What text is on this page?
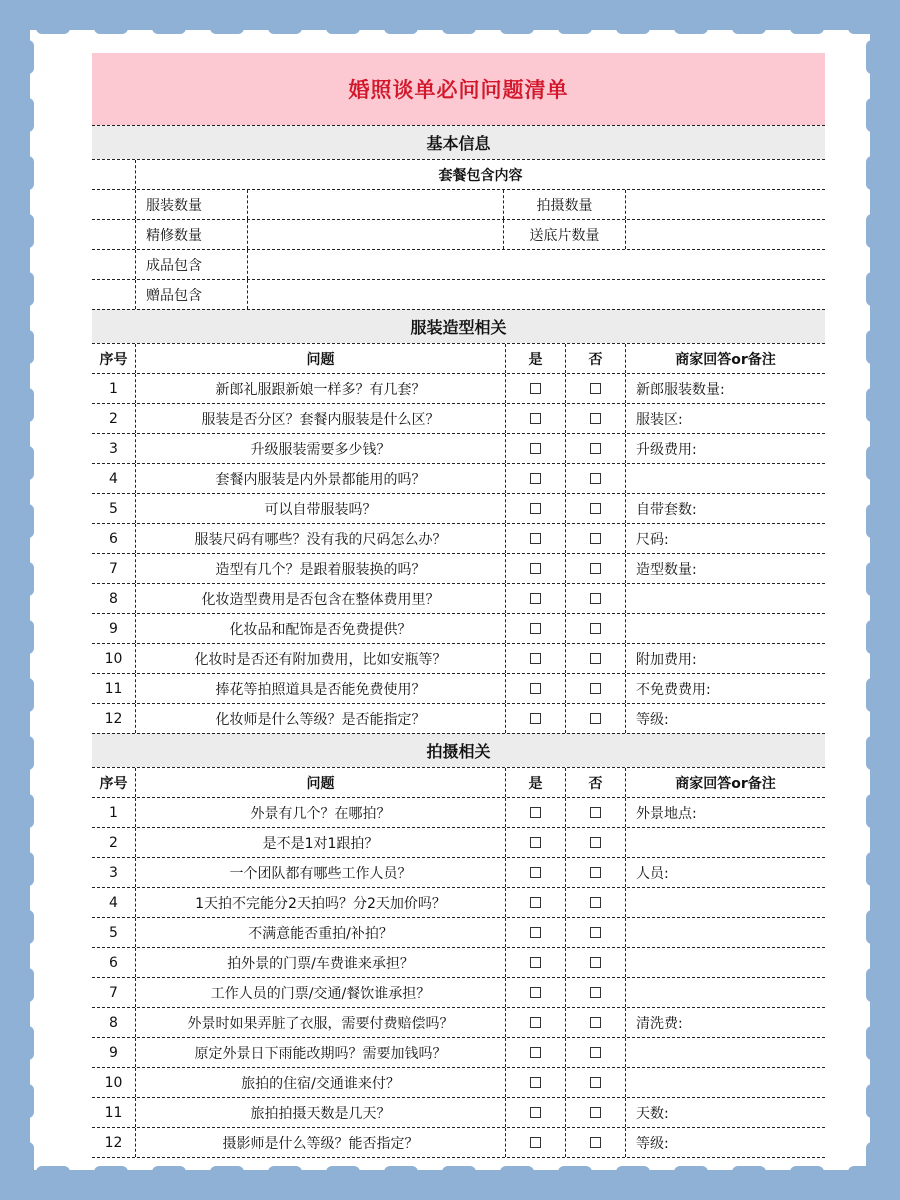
婚照谈单必问问题清单
基本信息
套餐包含内容
服装数量	拍摄数量
精修数量	送底片数量
成品包含
赠品包含
服装造型相关
序号	问题	是	否	商家回答or备注
1	新郎礼服跟新娘一样多？有几套？	新郎服装数量:
2	服装是否分区？套餐内服装是什么区？	服装区:
3	升级服装需要多少钱？	升级费用:
4	套餐内服装是内外景都能用的吗？
5	可以自带服装吗？	自带套数:
6	服装尺码有哪些？没有我的尺码怎么办？	尺码:
7	造型有几个？是跟着服装换的吗？	造型数量:
8	化妆造型费用是否包含在整体费用里？
9	化妆品和配饰是否免费提供？
10	化妆时是否还有附加费用，比如安瓶等？	附加费用:
11	捧花等拍照道具是否能免费使用？	不免费费用:
12	化妆师是什么等级？是否能指定？	等级:
拍摄相关
序号	问题	是	否	商家回答or备注
1	外景有几个？在哪拍？	外景地点:
2	是不是1对1跟拍？
3	一个团队都有哪些工作人员？	人员:
4	1天拍不完能分2天拍吗？分2天加价吗？
5	不满意能否重拍/补拍？
6	拍外景的门票/车费谁来承担？
7	工作人员的门票/交通/餐饮谁承担？
8	外景时如果弄脏了衣服，需要付费赔偿吗？	清洗费:
9	原定外景日下雨能改期吗？需要加钱吗？
10	旅拍的住宿/交通谁来付？
11	旅拍拍摄天数是几天？	天数:
12	摄影师是什么等级？能否指定？	等级:
